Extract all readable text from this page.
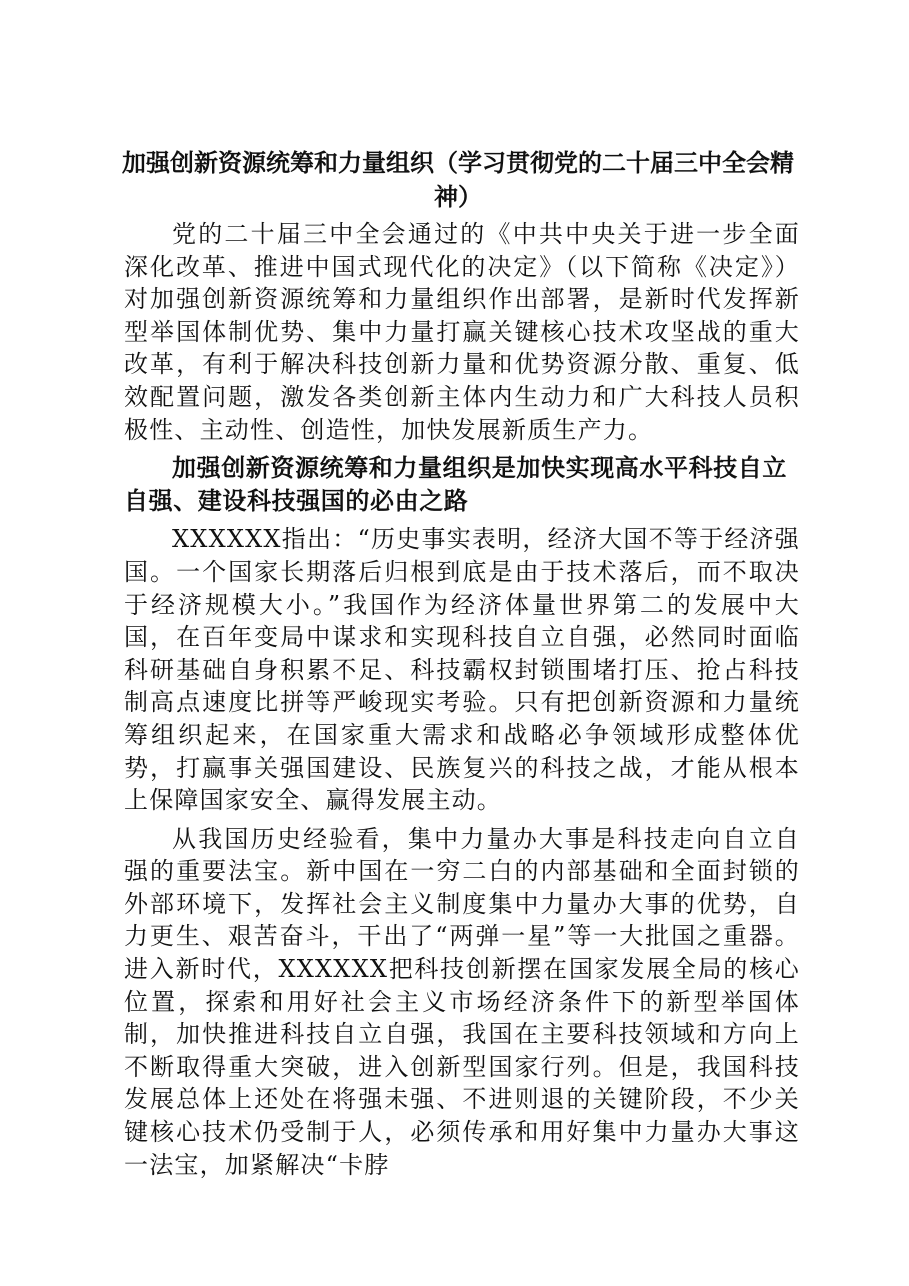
加强创新资源统筹和力量组织（学习贯彻党的二十届三中全会精神）

党的二十届三中全会通过的《中共中央关于进一步全面深化改革、推进中国式现代化的决定》（以下简称《决定》）对加强创新资源统筹和力量组织作出部署，是新时代发挥新型举国体制优势、集中力量打赢关键核心技术攻坚战的重大改革，有利于解决科技创新力量和优势资源分散、重复、低效配置问题，激发各类创新主体内生动力和广大科技人员积极性、主动性、创造性，加快发展新质生产力。

加强创新资源统筹和力量组织是加快实现高水平科技自立自强、建设科技强国的必由之路

XXXXXX指出：“历史事实表明，经济大国不等于经济强国。一个国家长期落后归根到底是由于技术落后，而不取决于经济规模大小。”我国作为经济体量世界第二的发展中大国，在百年变局中谋求和实现科技自立自强，必然同时面临科研基础自身积累不足、科技霸权封锁围堵打压、抢占科技制高点速度比拼等严峻现实考验。只有把创新资源和力量统筹组织起来，在国家重大需求和战略必争领域形成整体优势，打赢事关强国建设、民族复兴的科技之战，才能从根本上保障国家安全、赢得发展主动。

从我国历史经验看，集中力量办大事是科技走向自立自强的重要法宝。新中国在一穷二白的内部基础和全面封锁的外部环境下，发挥社会主义制度集中力量办大事的优势，自力更生、艰苦奋斗，干出了“两弹一星”等一大批国之重器。进入新时代，XXXXXX把科技创新摆在国家发展全局的核心位置，探索和用好社会主义市场经济条件下的新型举国体制，加快推进科技自立自强，我国在主要科技领域和方向上不断取得重大突破，进入创新型国家行列。但是，我国科技发展总体上还处在将强未强、不进则退的关键阶段，不少关键核心技术仍受制于人，必须传承和用好集中力量办大事这一法宝，加紧解决“卡脖
